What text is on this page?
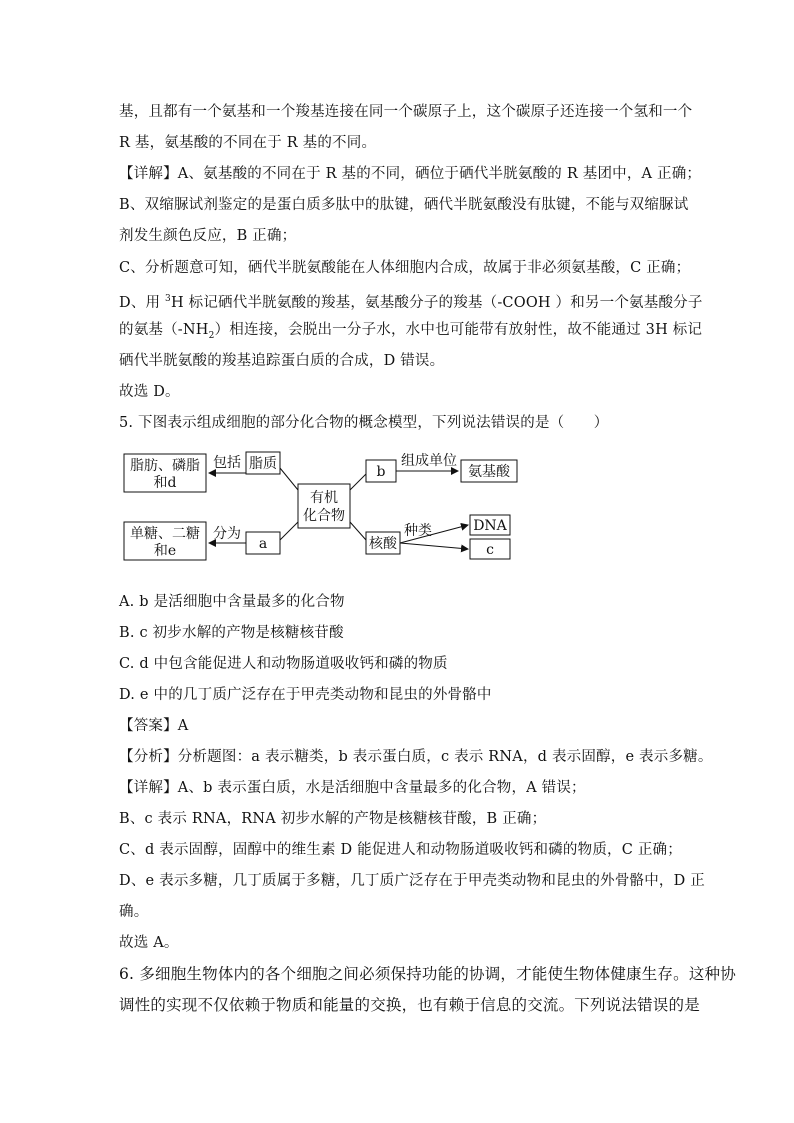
基，且都有一个氨基和一个羧基连接在同一个碳原子上，这个碳原子还连接一个氢和一个
R 基，氨基酸的不同在于 R 基的不同。
【详解】A、氨基酸的不同在于 R 基的不同，硒位于硒代半胱氨酸的 R 基团中，A 正确；
B、双缩脲试剂鉴定的是蛋白质多肽中的肽键，硒代半胱氨酸没有肽键，不能与双缩脲试
剂发生颜色反应，B 正确；
C、分析题意可知，硒代半胱氨酸能在人体细胞内合成，故属于非必须氨基酸，C 正确；
D、用 $^3$H 标记硒代半胱氨酸的羧基，氨基酸分子的羧基（-COOH ）和另一个氨基酸分子
的氨基$(-NH_2)$相连接，会脱出一分子水，水中也可能带有放射性，故不能通过 3H 标记
硒代半胱氨酸的羧基追踪蛋白质的合成，D 错误。
故选 D。
5. 下图表示组成细胞的部分化合物的概念模型，下列说法错误的是（　　）
脂肪、磷脂
和d
包括 脂质
有机
化合物
b
组成单位
氨基酸
单糖、二糖
和e
分为
a	核酸
种类	DNA
c
A. b 是活细胞中含量最多的化合物
B. c 初步水解的产物是核糖核苷酸
C. d 中包含能促进人和动物肠道吸收钙和磷的物质
D. e 中的几丁质广泛存在于甲壳类动物和昆虫的外骨骼中
【答案】A
【分析】分析题图：a 表示糖类，b 表示蛋白质，c 表示 RNA，d 表示固醇，e 表示多糖。
【详解】A、b 表示蛋白质，水是活细胞中含量最多的化合物，A 错误；
B、c 表示 RNA，RNA 初步水解的产物是核糖核苷酸，B 正确；
C、d 表示固醇，固醇中的维生素 D 能促进人和动物肠道吸收钙和磷的物质，C 正确；
D、e 表示多糖，几丁质属于多糖，几丁质广泛存在于甲壳类动物和昆虫的外骨骼中，D 正
确。
故选 A。
6. 多细胞生物体内的各个细胞之间必须保持功能的协调，才能使生物体健康生存。这种协
调性的实现不仅依赖于物质和能量的交换，也有赖于信息的交流。下列说法错误的是
